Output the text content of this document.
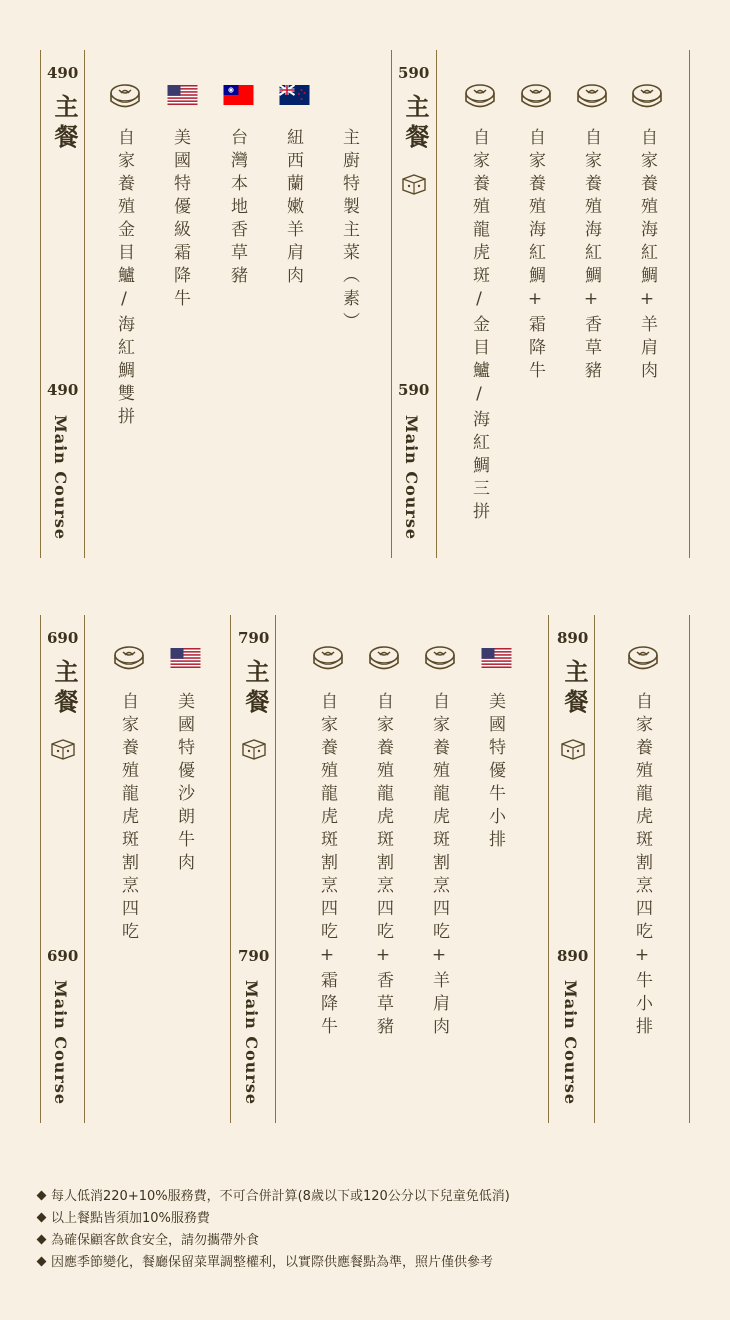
490
主餐
490
Main Course
自家養殖金目鱸/海紅鯛雙拼 美國特優級霜降牛 台灣本地香草豬 紐西蘭嫩羊肩肉 主廚特製主菜（素）
590
主餐
590
Main Course	自家養殖龍虎斑/金目鱸/海紅鯛三拼 自家養殖海紅鯛+霜降牛 自家養殖海紅鯛+香草豬 自家養殖海紅鯛+羊肩肉
690
主餐
690
Main Course
自家養殖龍虎斑割烹四吃 美國特優沙朗牛肉
790
主餐
790
Main Course
自家養殖龍虎斑割烹四吃+霜降牛 自家養殖龍虎斑割烹四吃+香草豬 自家養殖龍虎斑割烹四吃+羊肩肉 美國特優牛小排
890
主餐
890
Main Course
自家養殖龍虎斑割烹四吃+牛小排
每人低消220+10%服務費，不可合併計算(8歲以下或120公分以下兒童免低消)
以上餐點皆須加10%服務費
為確保顧客飲食安全，請勿攜帶外食
因應季節變化，餐廳保留菜單調整權利，以實際供應餐點為準，照片僅供參考
